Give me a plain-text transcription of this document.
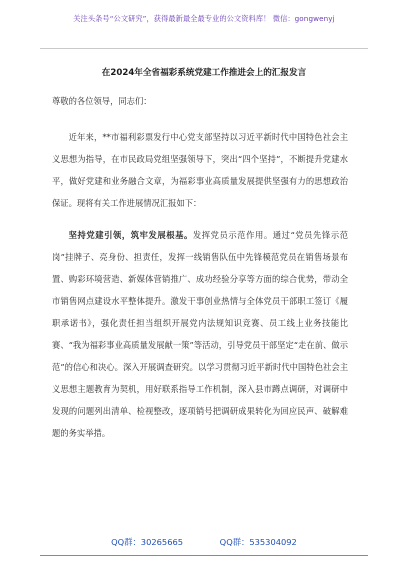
关注头条号“公文研究”，获得最新最全最专业的公文资料库！ 微信：gongwenyj
在2024年全省福彩系统党建工作推进会上的汇报发言

尊敬的各位领导，同志们：

近年来，**市福利彩票发行中心党支部坚持以习近平新时代中国特色社会主义思想为指导，在市民政局党组坚强领导下，突出“四个坚持”，不断提升党建水平，做好党建和业务融合文章，为福彩事业高质量发展提供坚强有力的思想政治保证。现将有关工作进展情况汇报如下：

坚持党建引领，筑牢发展根基。发挥党员示范作用。通过“党员先锋示范岗”挂牌子、亮身份、担责任，发挥一线销售队伍中先锋模范党员在销售场景布置、购彩环境营造、新媒体营销推广、成功经验分享等方面的综合优势，带动全市销售网点建设水平整体提升。激发干事创业热情与全体党员干部职工签订《履职承诺书》，强化责任担当组织开展党内法规知识竞赛、员工线上业务技能比赛、“我为福彩事业高质量发展献一策”等活动，引导党员干部坚定“走在前、做示范”的信心和决心。深入开展调查研究。以学习贯彻习近平新时代中国特色社会主义思想主题教育为契机，用好联系指导工作机制，深入县市蹲点调研，对调研中发现的问题列出清单、检视整改，逐项销号把调研成果转化为回应民声、破解难题的务实举措。

QQ群：30265665	QQ群：535304092
